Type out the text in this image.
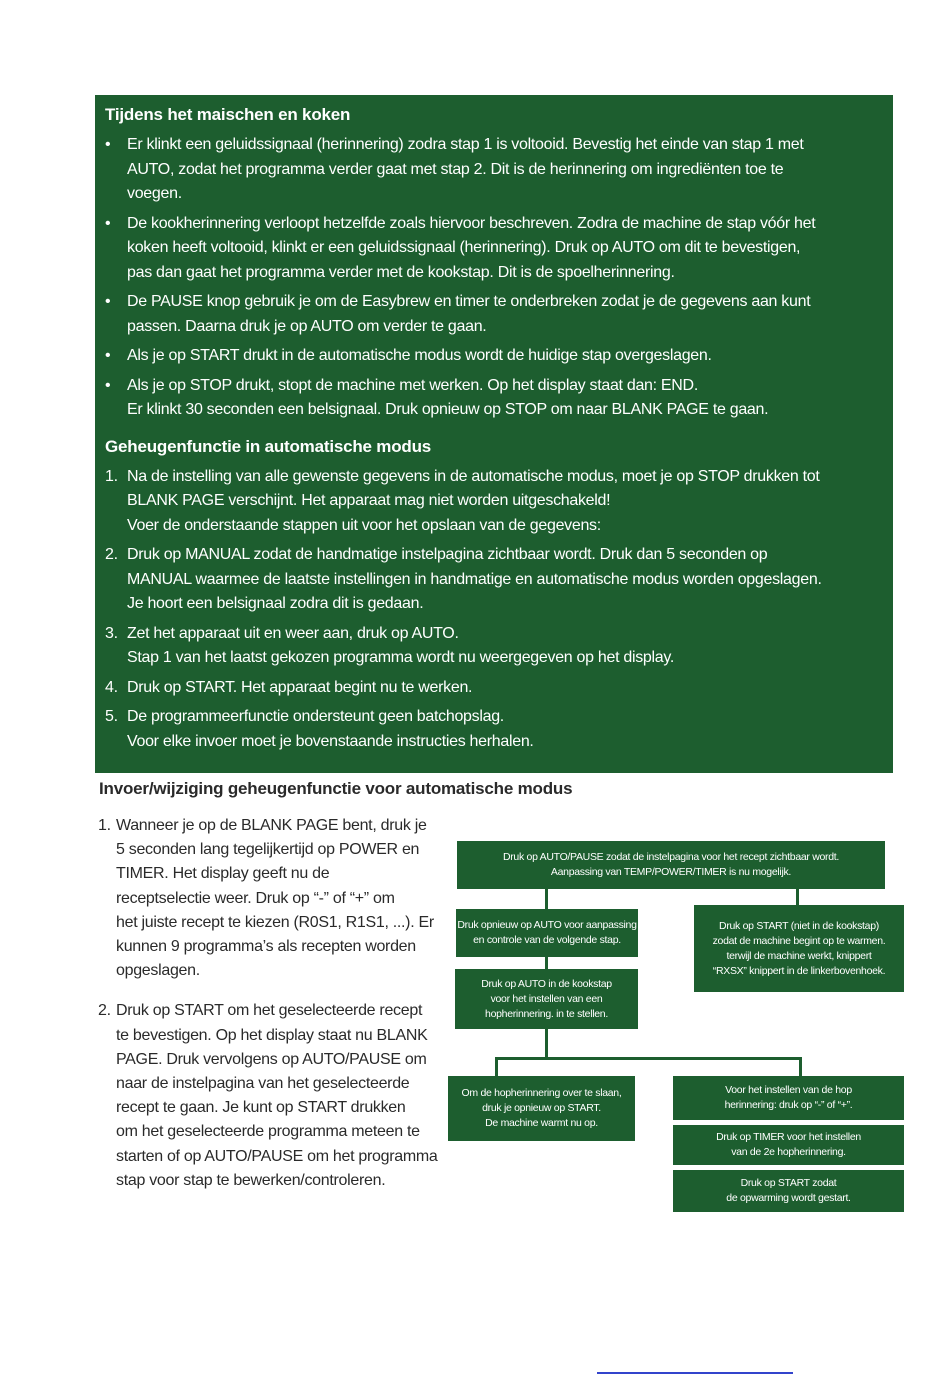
Tijdens het maischen en koken
•	Er klinkt een geluidssignaal (herinnering) zodra stap 1 is voltooid. Bevestig het einde van stap 1 met
AUTO, zodat het programma verder gaat met stap 2. Dit is de herinnering om ingrediënten toe te
voegen.
•	De kookherinnering verloopt hetzelfde zoals hiervoor beschreven. Zodra de machine de stap vóór het
koken heeft voltooid, klinkt er een geluidssignaal (herinnering). Druk op AUTO om dit te bevestigen,
pas dan gaat het programma verder met de kookstap. Dit is de spoelherinnering.
•	De PAUSE knop gebruik je om de Easybrew en timer te onderbreken zodat je de gegevens aan kunt
passen. Daarna druk je op AUTO om verder te gaan.
•	Als je op START drukt in de automatische modus wordt de huidige stap overgeslagen.
•	Als je op STOP drukt, stopt de machine met werken. Op het display staat dan: END.
Er klinkt 30 seconden een belsignaal. Druk opnieuw op STOP om naar BLANK PAGE te gaan.
Geheugenfunctie in automatische modus
1. Na de instelling van alle gewenste gegevens in de automatische modus, moet je op STOP drukken tot
BLANK PAGE verschijnt. Het apparaat mag niet worden uitgeschakeld!
Voer de onderstaande stappen uit voor het opslaan van de gegevens:
2. Druk op MANUAL zodat de handmatige instelpagina zichtbaar wordt. Druk dan 5 seconden op
MANUAL waarmee de laatste instellingen in handmatige en automatische modus worden opgeslagen.
Je hoort een belsignaal zodra dit is gedaan.
3. Zet het apparaat uit en weer aan, druk op AUTO.
Stap 1 van het laatst gekozen programma wordt nu weergegeven op het display.
4. Druk op START. Het apparaat begint nu te werken.
5. De programmeerfunctie ondersteunt geen batchopslag.
Voor elke invoer moet je bovenstaande instructies herhalen.
Invoer/wijziging geheugenfunctie voor automatische modus
1. Wanneer je op de BLANK PAGE bent, druk je
5 seconden lang tegelijkertijd op POWER en
TIMER. Het display geeft nu de
receptselectie weer. Druk op “-” of “+” om
het juiste recept te kiezen (R0S1, R1S1, ...). Er
kunnen 9 programma’s als recepten worden
opgeslagen.
2. Druk op START om het geselecteerde recept
te bevestigen. Op het display staat nu BLANK
PAGE. Druk vervolgens op AUTO/PAUSE om
naar de instelpagina van het geselecteerde
recept te gaan. Je kunt op START drukken
om het geselecteerde programma meteen te
starten of op AUTO/PAUSE om het programma
stap voor stap te bewerken/controleren.
Druk op AUTO/PAUSE zodat de instelpagina voor het recept zichtbaar wordt.
Aanpassing van TEMP/POWER/TIMER is nu mogelijk.
Druk opnieuw op AUTO voor aanpassing
en controle van de volgende stap.
Druk op START (niet in de kookstap)
zodat de machine begint op te warmen.
terwijl de machine werkt, knippert
“RXSX” knippert in de linkerbovenhoek.
Druk op AUTO in de kookstap
voor het instellen van een
hopherinnering. in te stellen.
Om de hopherinnering over te slaan,
druk je opnieuw op START.
De machine warmt nu op.
Voor het instellen van de hop
herinnering: druk op “-” of “+”.
Druk op TIMER voor het instellen
van de 2e hopherinnering.
Druk op START zodat
de opwarming wordt gestart.
